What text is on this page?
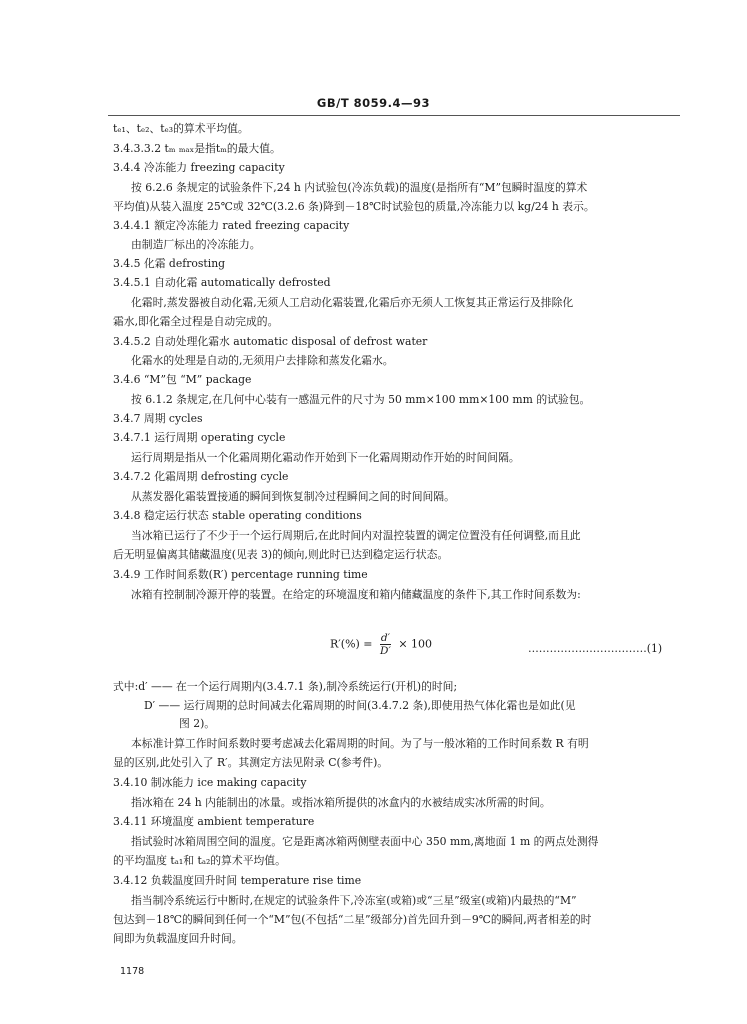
GB/T 8059.4—93
tₑ₁、tₑ₂、tₑ₃的算术平均值。
3.4.3.3.2 tₘ ₘₐₓ是指tₘ的最大值。
3.4.4 冷冻能力 freezing capacity
按 6.2.6 条规定的试验条件下,24 h 内试验包(冷冻负载)的温度(是指所有“M”包瞬时温度的算术
平均值)从装入温度 25℃或 32℃(3.2.6 条)降到－18℃时试验包的质量,冷冻能力以 kg/24 h 表示。
3.4.4.1 额定冷冻能力 rated freezing capacity
由制造厂标出的冷冻能力。
3.4.5 化霜 defrosting
3.4.5.1 自动化霜 automatically defrosted
化霜时,蒸发器被自动化霜,无须人工启动化霜装置,化霜后亦无须人工恢复其正常运行及排除化
霜水,即化霜全过程是自动完成的。
3.4.5.2 自动处理化霜水 automatic disposal of defrost water
化霜水的处理是自动的,无须用户去排除和蒸发化霜水。
3.4.6 “M”包 “M” package
按 6.1.2 条规定,在几何中心装有一感温元件的尺寸为 50 mm×100 mm×100 mm 的试验包。
3.4.7 周期 cycles
3.4.7.1 运行周期 operating cycle
运行周期是指从一个化霜周期化霜动作开始到下一化霜周期动作开始的时间间隔。
3.4.7.2 化霜周期 defrosting cycle
从蒸发器化霜装置接通的瞬间到恢复制冷过程瞬间之间的时间间隔。
3.4.8 稳定运行状态 stable operating conditions
当冰箱已运行了不少于一个运行周期后,在此时间内对温控装置的调定位置没有任何调整,而且此
后无明显偏离其储藏温度(见表 3)的倾向,则此时已达到稳定运行状态。
3.4.9 工作时间系数(R′) percentage running time
冰箱有控制制冷源开停的装置。在给定的环境温度和箱内储藏温度的条件下,其工作时间系数为:
式中:d′ —— 在一个运行周期内(3.4.7.1 条),制冷系统运行(开机)的时间;
D′ —— 运行周期的总时间减去化霜周期的时间(3.4.7.2 条),即使用热气体化霜也是如此(见
图 2)。
本标准计算工作时间系数时要考虑减去化霜周期的时间。为了与一般冰箱的工作时间系数 R 有明
显的区别,此处引入了 R′。其测定方法见附录 C(参考件)。
3.4.10 制冰能力 ice making capacity
指冰箱在 24 h 内能制出的冰量。或指冰箱所提供的冰盒内的水被结成实冰所需的时间。
3.4.11 环境温度 ambient temperature
指试验时冰箱周围空间的温度。它是距离冰箱两侧壁表面中心 350 mm,离地面 1 m 的两点处测得
的平均温度 tₐ₁和 tₐ₂的算术平均值。
3.4.12 负载温度回升时间 temperature rise time
指当制冷系统运行中断时,在规定的试验条件下,冷冻室(或箱)或“三星”级室(或箱)内最热的“M”
包达到－18℃的瞬间到任何一个“M”包(不包括“二星”级部分)首先回升到－9℃的瞬间,两者相差的时
间即为负载温度回升时间。
$R'(\%) = \frac{d'}{D'} \times 100$	……………………………(1)
1178
